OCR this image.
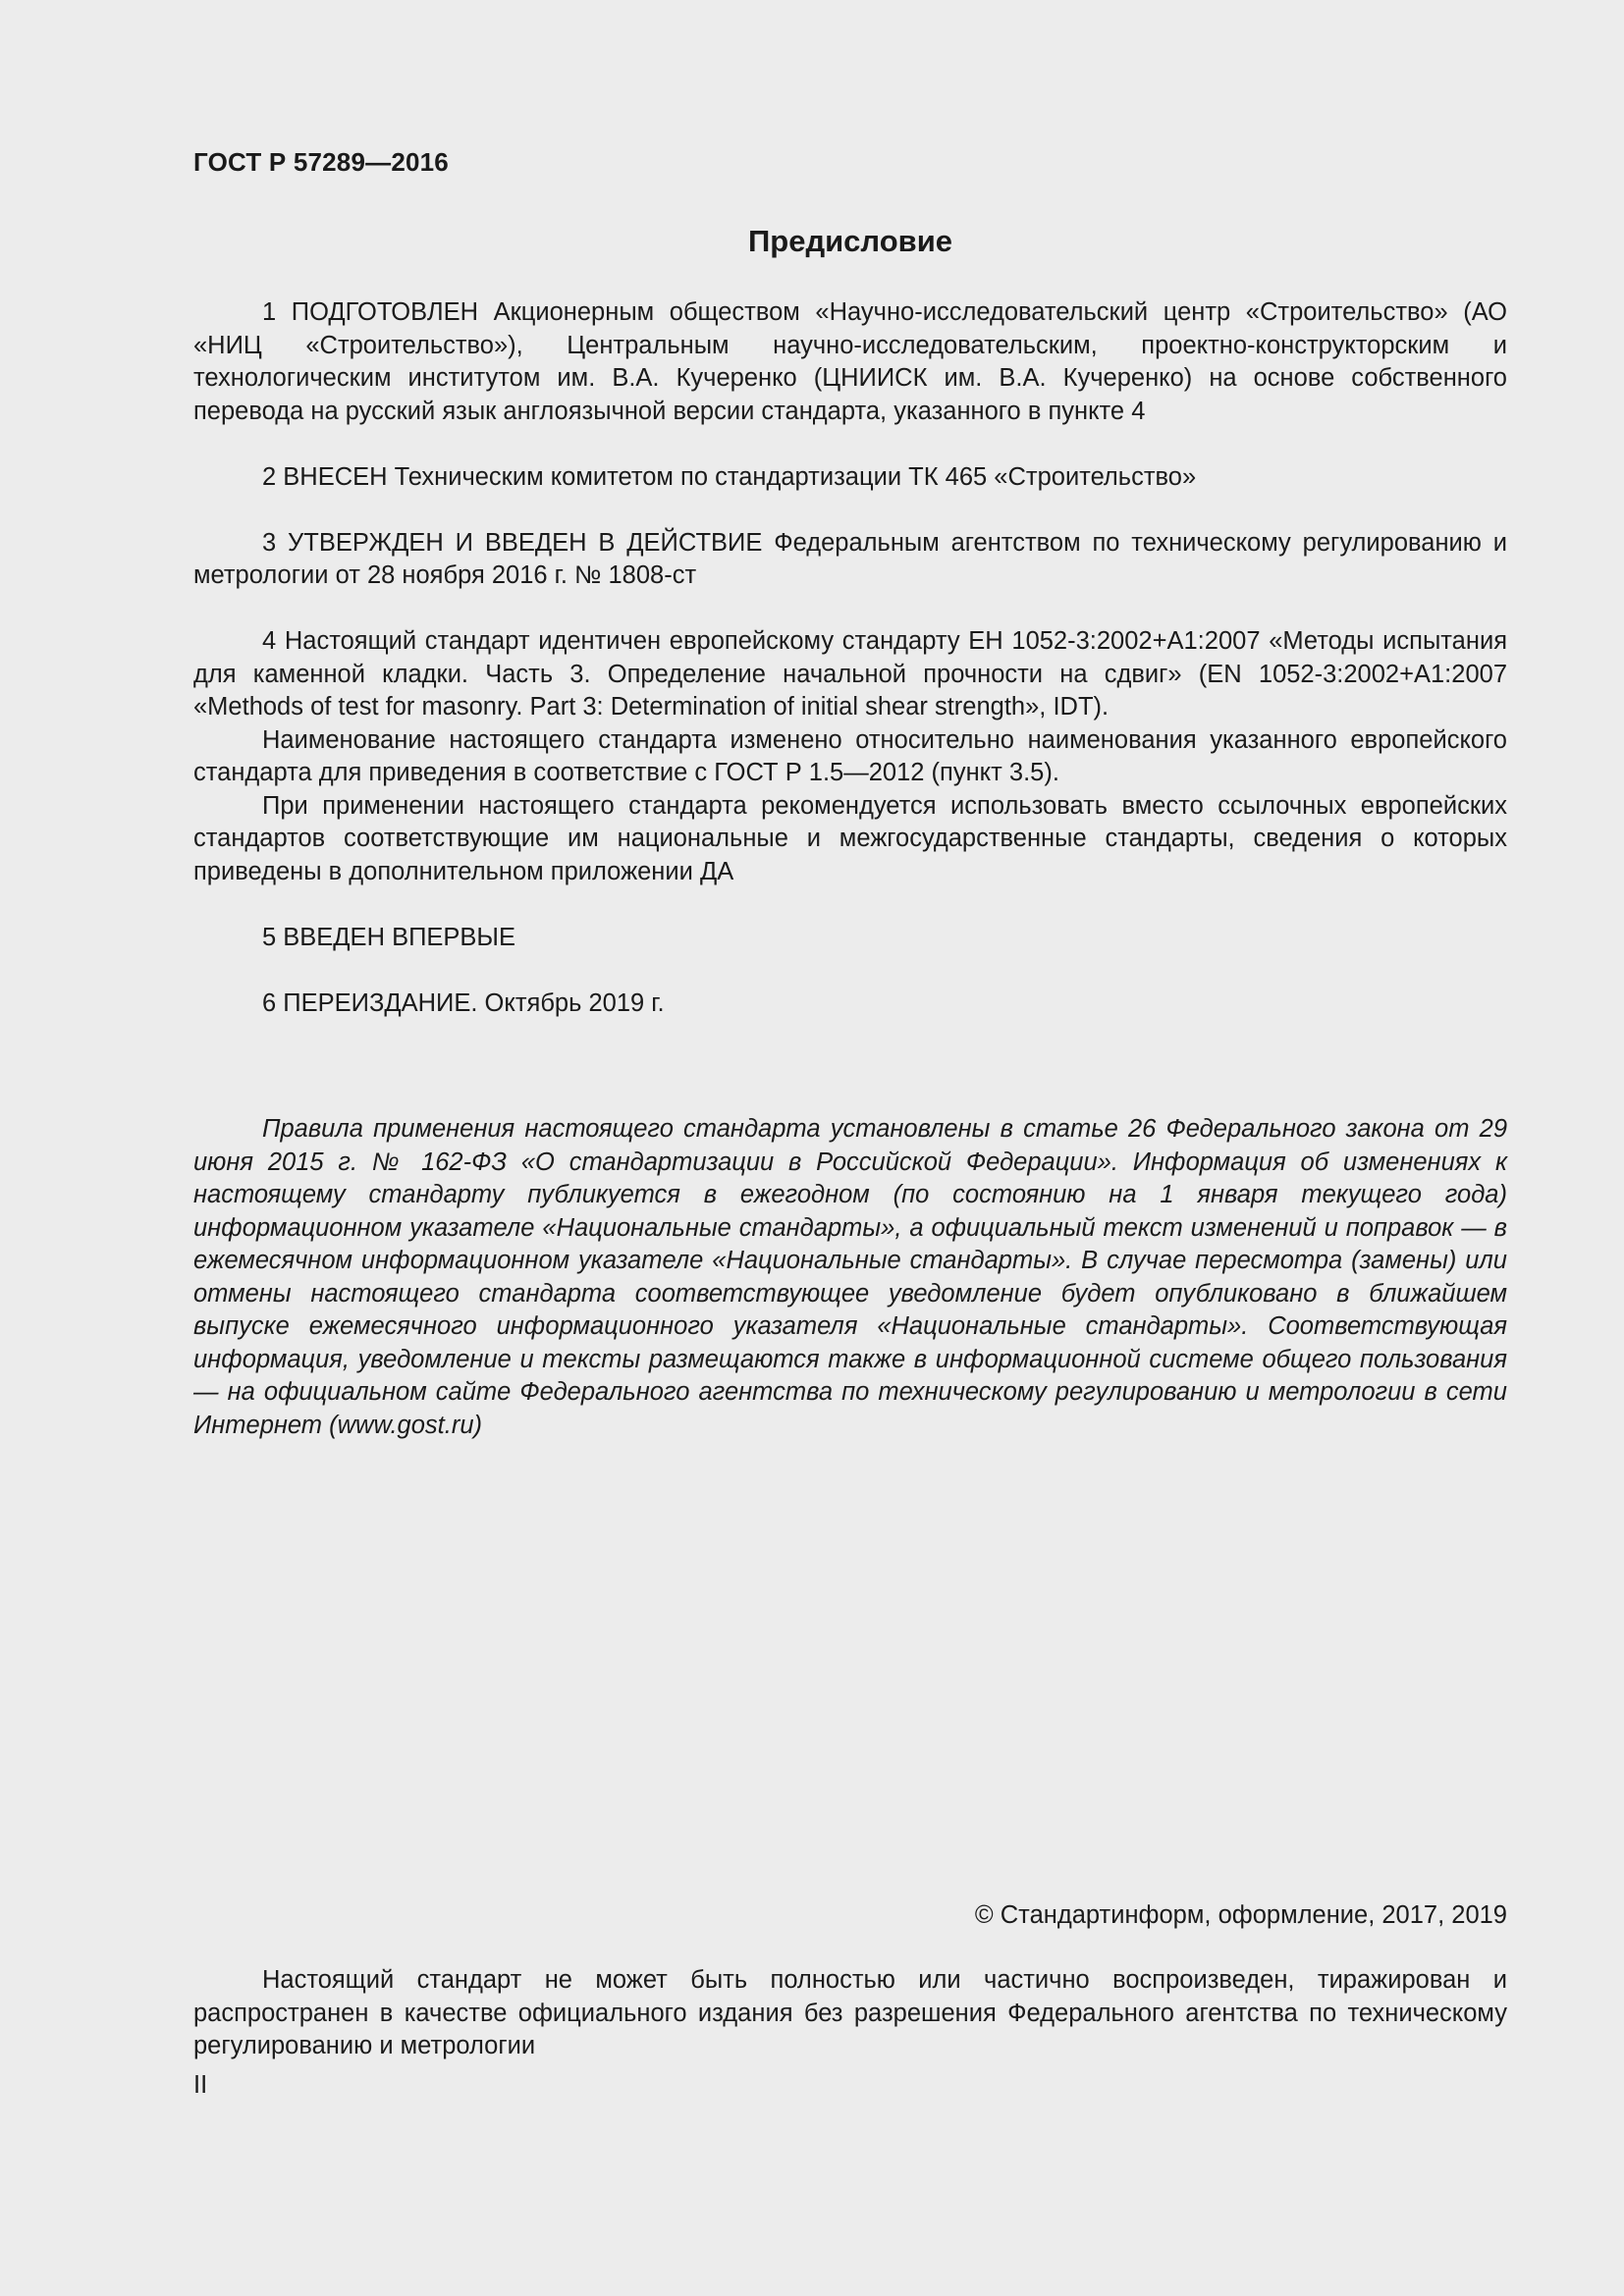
ГОСТ Р 57289—2016
Предисловие

1 ПОДГОТОВЛЕН Акционерным обществом «Научно-исследовательский центр «Строительство» (АО «НИЦ «Строительство»), Центральным научно-исследовательским, проектно-конструкторским и технологическим институтом им. В.А. Кучеренко (ЦНИИСК им. В.А. Кучеренко) на основе собственного перевода на русский язык англоязычной версии стандарта, указанного в пункте 4

2 ВНЕСЕН Техническим комитетом по стандартизации ТК 465 «Строительство»

3 УТВЕРЖДЕН И ВВЕДЕН В ДЕЙСТВИЕ Федеральным агентством по техническому регулированию и метрологии от 28 ноября 2016 г. № 1808-ст

4 Настоящий стандарт идентичен европейскому стандарту ЕН 1052-3:2002+А1:2007 «Методы испытания для каменной кладки. Часть 3. Определение начальной прочности на сдвиг» (EN 1052-3:2002+A1:2007 «Methods of test for masonry. Part 3: Determination of initial shear strength», IDT).

Наименование настоящего стандарта изменено относительно наименования указанного европейского стандарта для приведения в соответствие с ГОСТ Р 1.5—2012 (пункт 3.5).

При применении настоящего стандарта рекомендуется использовать вместо ссылочных европейских стандартов соответствующие им национальные и межгосударственные стандарты, сведения о которых приведены в дополнительном приложении ДА

5 ВВЕДЕН ВПЕРВЫЕ

6 ПЕРЕИЗДАНИЕ. Октябрь 2019 г.

Правила применения настоящего стандарта установлены в статье 26 Федерального закона от 29 июня 2015 г. № 162-ФЗ «О стандартизации в Российской Федерации». Информация об изменениях к настоящему стандарту публикуется в ежегодном (по состоянию на 1 января текущего года) информационном указателе «Национальные стандарты», а официальный текст изменений и поправок — в ежемесячном информационном указателе «Национальные стандарты». В случае пересмотра (замены) или отмены настоящего стандарта соответствующее уведомление будет опубликовано в ближайшем выпуске ежемесячного информационного указателя «Национальные стандарты». Соответствующая информация, уведомление и тексты размещаются также в информационной системе общего пользования — на официальном сайте Федерального агентства по техническому регулированию и метрологии в сети Интернет (www.gost.ru)

© Стандартинформ, оформление, 2017, 2019

Настоящий стандарт не может быть полностью или частично воспроизведен, тиражирован и распространен в качестве официального издания без разрешения Федерального агентства по техническому регулированию и метрологии

II
